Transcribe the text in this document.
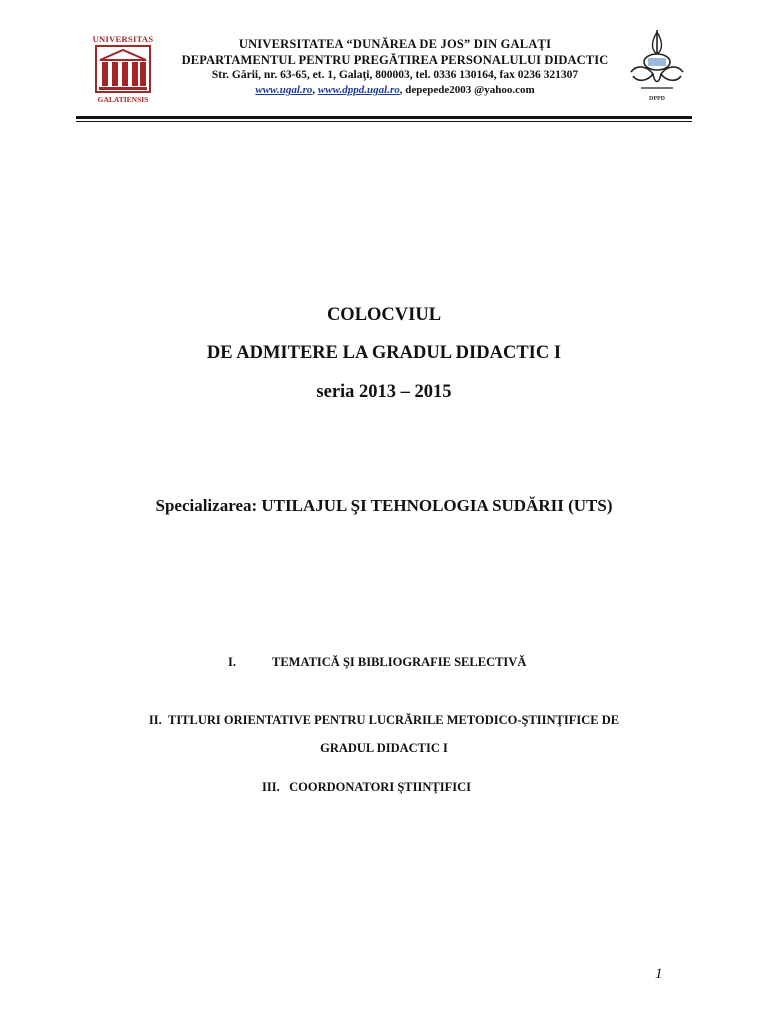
UNIVERSITAS
GALATIENSIS
UNIVERSITATEA “DUNĂREA DE JOS” DIN GALAŢI
DEPARTAMENTUL PENTRU PREGĂTIREA PERSONALULUI DIDACTIC
Str. Gării, nr. 63-65, et. 1, Galaţi, 800003, tel. 0336 130164, fax 0236 321307
www.ugal.ro, www.dppd.ugal.ro, depepede2003 @yahoo.com
DPPD
COLOCVIUL
DE ADMITERE LA GRADUL DIDACTIC I
seria 2013 – 2015
Specializarea: UTILAJUL ŞI TEHNOLOGIA SUDĂRII (UTS)
I.	TEMATICĂ ŞI BIBLIOGRAFIE SELECTIVĂ
II. TITLURI ORIENTATIVE PENTRU LUCRĂRILE METODICO-ŞTIINŢIFICE DE
GRADUL DIDACTIC I
III. COORDONATORI ŞTIINŢIFICI
1
